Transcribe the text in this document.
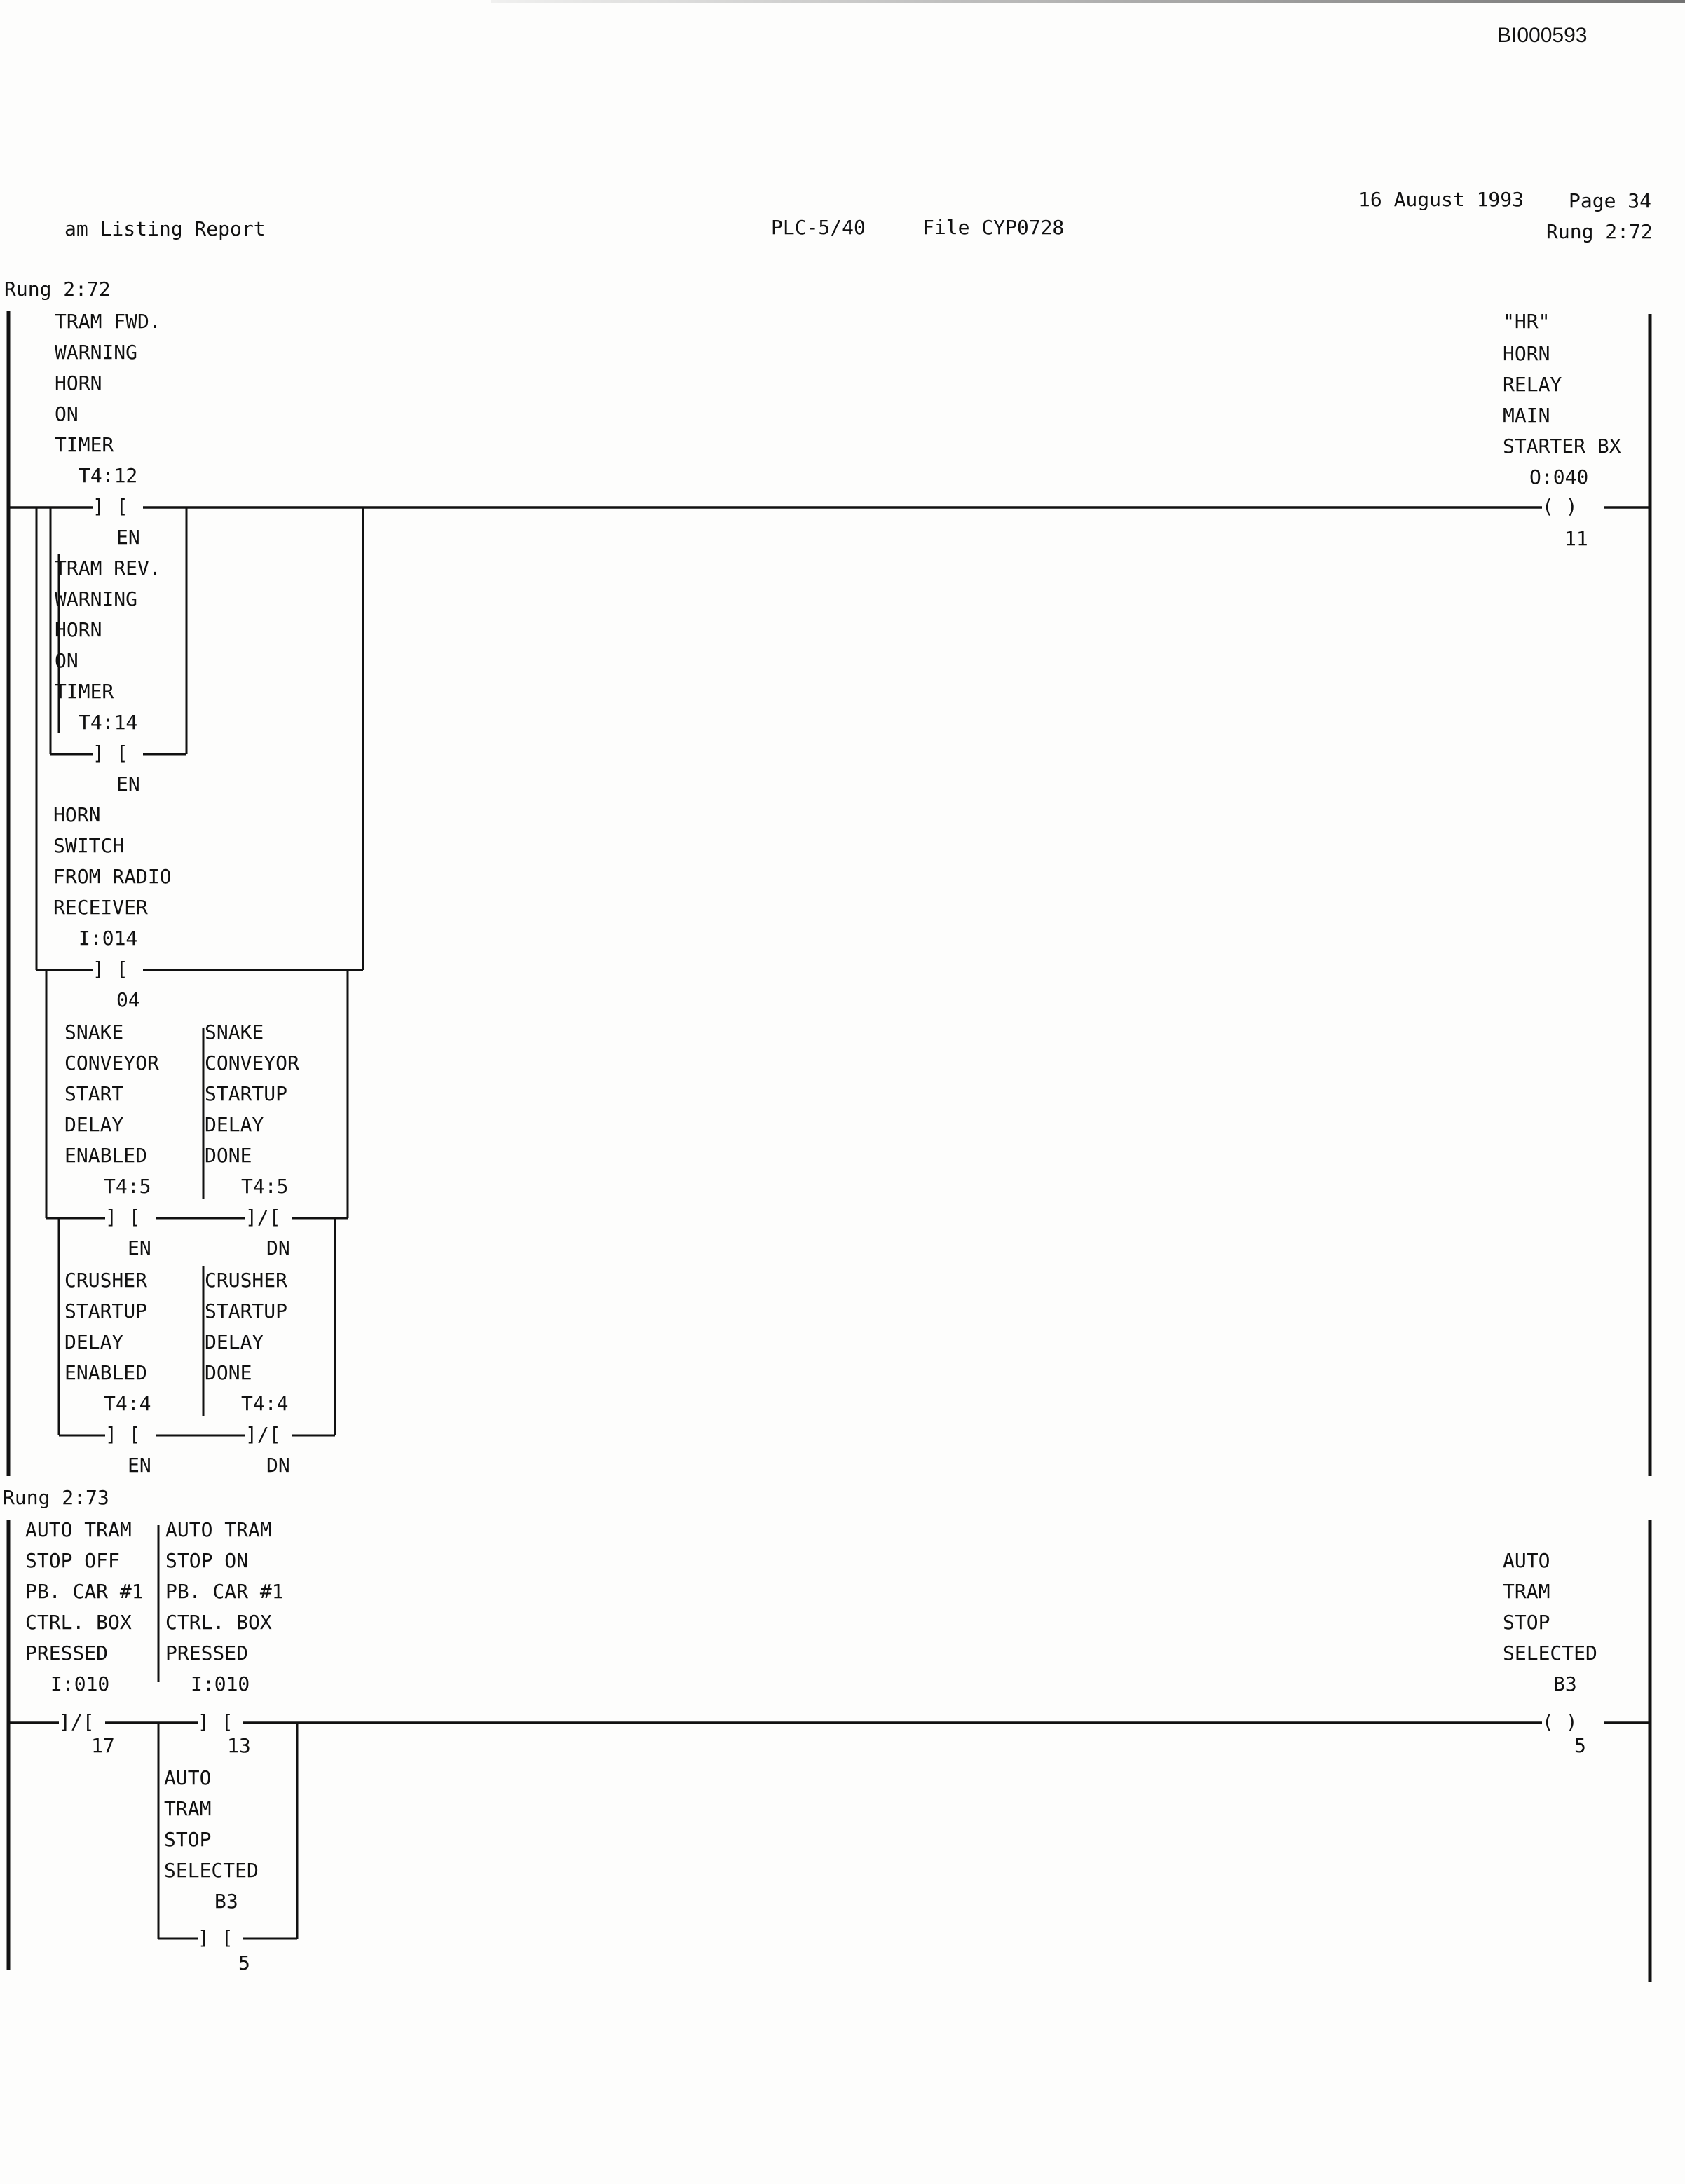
BI000593
am Listing Report	PLC-5/40	File CYP0728
16 August 1993 Page 34
Rung 2:72
Rung 2:72
TRAM FWD.
WARNING
HORN
ON
TIMER
T4:12
] [
EN
TRAM REV.
WARNING
HORN
ON
TIMER
T4:14
] [
EN
HORN
SWITCH
FROM RADIO
RECEIVER
I:014
] [
04
SNAKE
CONVEYOR
START
DELAY
ENABLED
T4:5
] [
EN
SNAKE
CONVEYOR
STARTUP
DELAY
DONE
T4:5
]/[
DN
CRUSHER
STARTUP
DELAY
ENABLED
T4:4
] [
EN
CRUSHER
STARTUP
DELAY
DONE
T4:4
]/[
DN
"HR"
HORN
RELAY
MAIN
STARTER BX
O:040
( )
11
Rung 2:73
AUTO TRAM
STOP OFF
PB. CAR #1
CTRL. BOX
PRESSED
I:010
]/[
17
AUTO TRAM
STOP ON
PB. CAR #1
CTRL. BOX
PRESSED
I:010
] [
13
AUTO
TRAM
STOP
SELECTED
B3
] [
5
AUTO
TRAM
STOP
SELECTED
B3
( )
5
